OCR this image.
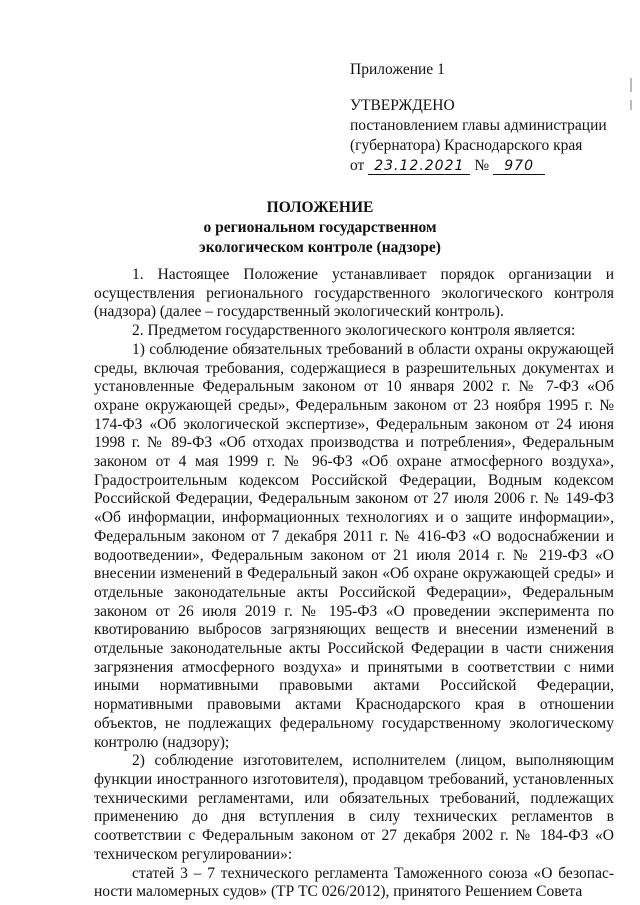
Приложение 1
УТВЕРЖДЕНО
постановлением главы администрации
(губернатора) Краснодарского края
от 23.12.2021 № 970
ПОЛОЖЕНИЕ
о региональном государственном
экологическом контроле (надзоре)

1. Настоящее Положение устанавливает порядок организации и осуществления регионального государственного экологического контроля (надзора) (далее – государственный экологический контроль).

2. Предметом государственного экологического контроля является:

1) соблюдение обязательных требований в области охраны окружающей среды, включая требования, содержащиеся в разрешительных документах и установленные Федеральным законом от 10 января 2002 г. № 7-ФЗ «Об охране окружающей среды», Федеральным законом от 23 ноября 1995 г. № 174-ФЗ «Об экологической экспертизе», Федеральным законом от 24 июня 1998 г. № 89-ФЗ «Об отходах производства и потребления», Федеральным законом от 4 мая 1999 г. № 96-ФЗ «Об охране атмосферного воздуха», Градостроительным кодексом Российской Федерации, Водным кодексом Российской Федерации, Федеральным законом от 27 июля 2006 г. № 149-ФЗ «Об информации, информационных технологиях и о защите информации», Федеральным законом от 7 декабря 2011 г. № 416-ФЗ «О водоснабжении и водоотведении», Федеральным законом от 21 июля 2014 г. № 219-ФЗ «О внесении изменений в Федеральный закон «Об охране окружающей среды» и отдельные законодательные акты Российской Федерации», Федеральным законом от 26 июля 2019 г. № 195-ФЗ «О проведении эксперимента по квотированию выбросов загрязняющих веществ и внесении изменений в отдельные законодательные акты Российской Федерации в части снижения загрязнения атмосферного воздуха» и принятыми в соответствии с ними иными нормативными правовыми актами Российской Федерации, нормативными правовыми актами Краснодарского края в отношении объектов, не подлежащих федеральному государственному экологическому контролю (надзору);

2) соблюдение изготовителем, исполнителем (лицом, выполняющим функции иностранного изготовителя), продавцом требований, установленных техническими регламентами, или обязательных требований, подлежащих применению до дня вступления в силу технических регламентов в соответствии с Федеральным законом от 27 декабря 2002 г. № 184-ФЗ «О техническом регулировании»:

статей 3 – 7 технического регламента Таможенного союза «О безопас-ности маломерных судов» (ТР ТС 026/2012), принятого Решением Совета
